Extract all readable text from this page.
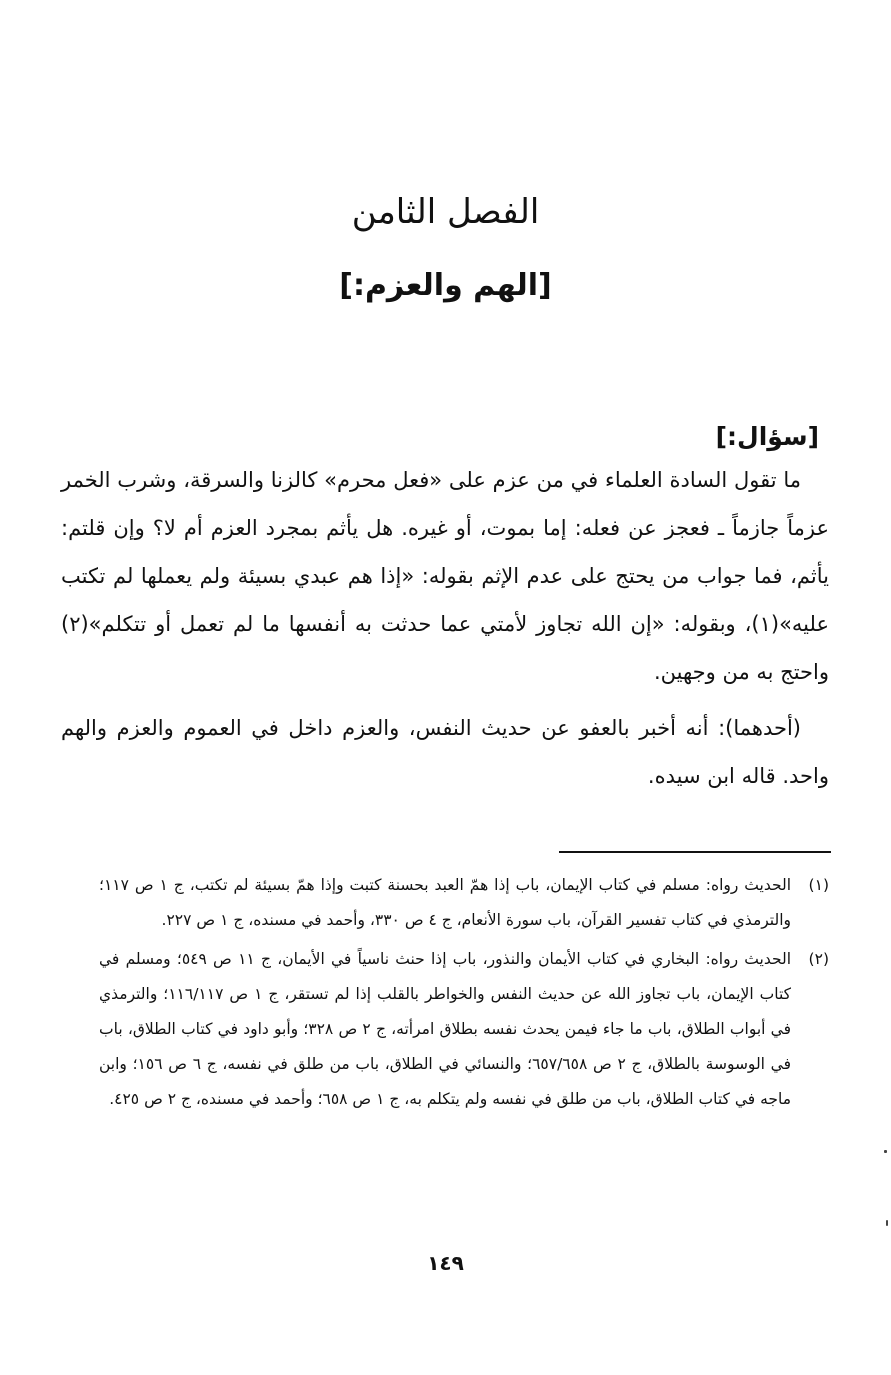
الفصل الثامن
[الهم والعزم:]
[سؤال:]

ما تقول السادة العلماء في من عزم على «فعل محرم» كالزنا والسرقة، وشرب الخمر عزماً جازماً ـ فعجز عن فعله: إما بموت، أو غيره. هل يأثم بمجرد العزم أم لا؟ وإن قلتم: يأثم، فما جواب من يحتج على عدم الإثم بقوله: «إذا هم عبدي بسيئة ولم يعملها لم تكتب عليه»(١)، وبقوله: «إن الله تجاوز لأمتي عما حدثت به أنفسها ما لم تعمل أو تتكلم»(٢) واحتج به من وجهين.

(أحدهما): أنه أخبر بالعفو عن حديث النفس، والعزم داخل في العموم والعزم والهم واحد. قاله ابن سيده.

(١)
الحديث رواه: مسلم في كتاب الإيمان، باب إذا همّ العبد بحسنة كتبت وإذا همّ بسيئة لم تكتب، ج ١ ص ١١٧؛ والترمذي في كتاب تفسير القرآن، باب سورة الأنعام، ج ٤ ص ٣٣٠، وأحمد في مسنده، ج ١ ص ٢٢٧.
(٢)
الحديث رواه: البخاري في كتاب الأيمان والنذور، باب إذا حنث ناسياً في الأيمان، ج ١١ ص ٥٤٩؛ ومسلم في كتاب الإيمان، باب تجاوز الله عن حديث النفس والخواطر بالقلب إذا لم تستقر، ج ١ ص ١١٦/١١٧؛ والترمذي في أبواب الطلاق، باب ما جاء فيمن يحدث نفسه بطلاق امرأته، ج ٢ ص ٣٢٨؛ وأبو داود في كتاب الطلاق، باب في الوسوسة بالطلاق، ج ٢ ص ٦٥٧/٦٥٨؛ والنسائي في الطلاق، باب من طلق في نفسه، ج ٦ ص ١٥٦؛ وابن ماجه في كتاب الطلاق، باب من طلق في نفسه ولم يتكلم به، ج ١ ص ٦٥٨؛ وأحمد في مسنده، ج ٢ ص ٤٢٥.
١٤٩
